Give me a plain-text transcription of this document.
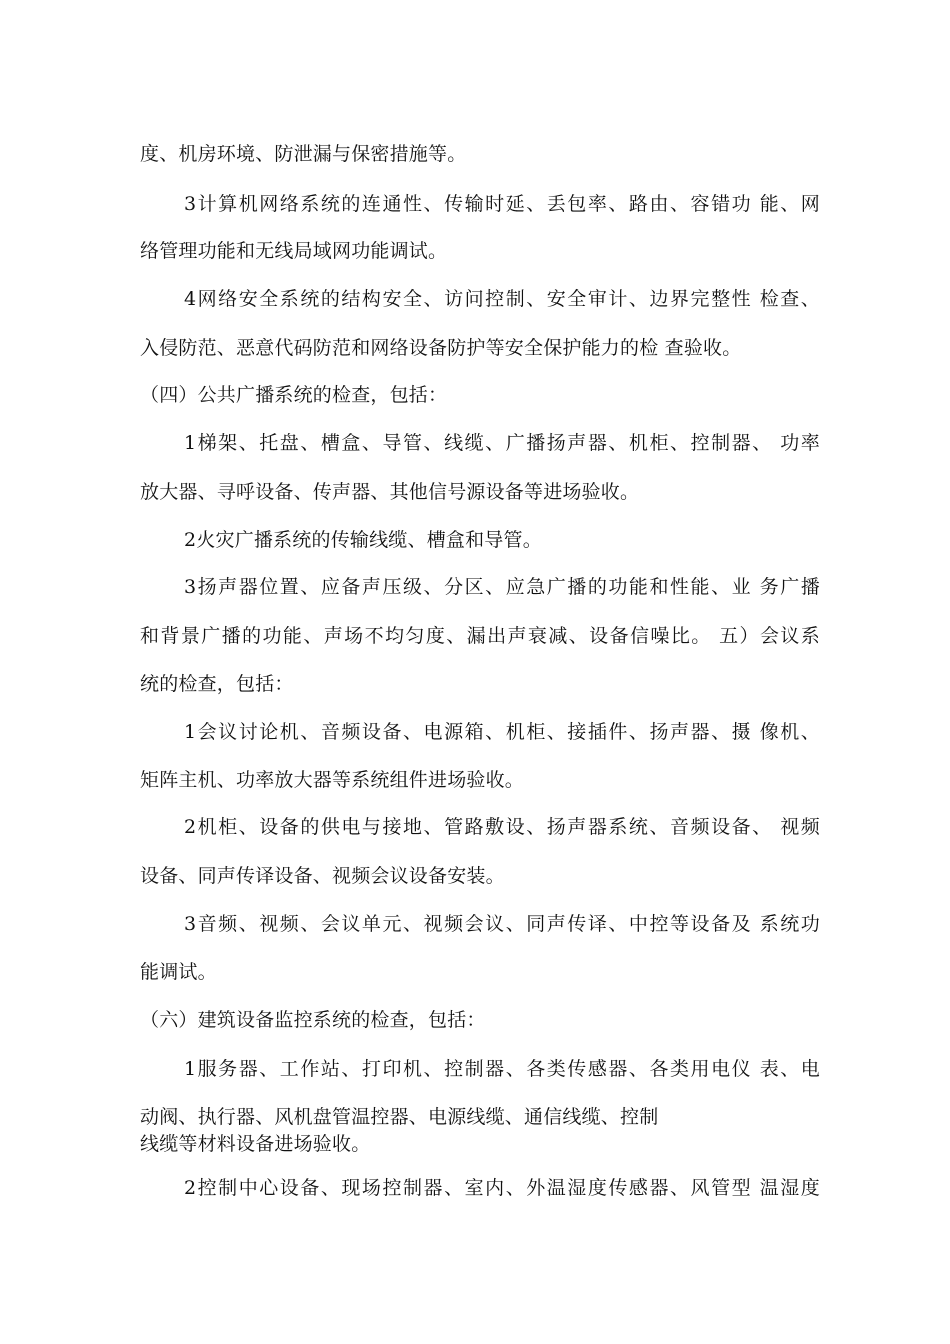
度、机房环境、防泄漏与保密措施等。
3计算机网络系统的连通性、传输时延、丢包率、路由、容错功 能、网
络管理功能和无线局域网功能调试。
4网络安全系统的结构安全、访问控制、安全审计、边界完整性 检查、
入侵防范、恶意代码防范和网络设备防护等安全保护能力的检 查验收。
（四）公共广播系统的检查，包括：
1梯架、托盘、槽盒、导管、线缆、广播扬声器、机柜、控制器、 功率
放大器、寻呼设备、传声器、其他信号源设备等进场验收。
2火灾广播系统的传输线缆、槽盒和导管。
3扬声器位置、应备声压级、分区、应急广播的功能和性能、业 务广播
和背景广播的功能、声场不均匀度、漏出声衰减、设备信噪比。 五）会议系
统的检查，包括：
1会议讨论机、音频设备、电源箱、机柜、接插件、扬声器、摄 像机、
矩阵主机、功率放大器等系统组件进场验收。
2机柜、设备的供电与接地、管路敷设、扬声器系统、音频设备、 视频
设备、同声传译设备、视频会议设备安装。
3音频、视频、会议单元、视频会议、同声传译、中控等设备及 系统功
能调试。
（六）建筑设备监控系统的检查，包括：
1服务器、工作站、打印机、控制器、各类传感器、各类用电仪 表、电
动阀、执行器、风机盘管温控器、电源线缆、通信线缆、控制
线缆等材料设备进场验收。
2控制中心设备、现场控制器、室内、外温湿度传感器、风管型 温湿度
